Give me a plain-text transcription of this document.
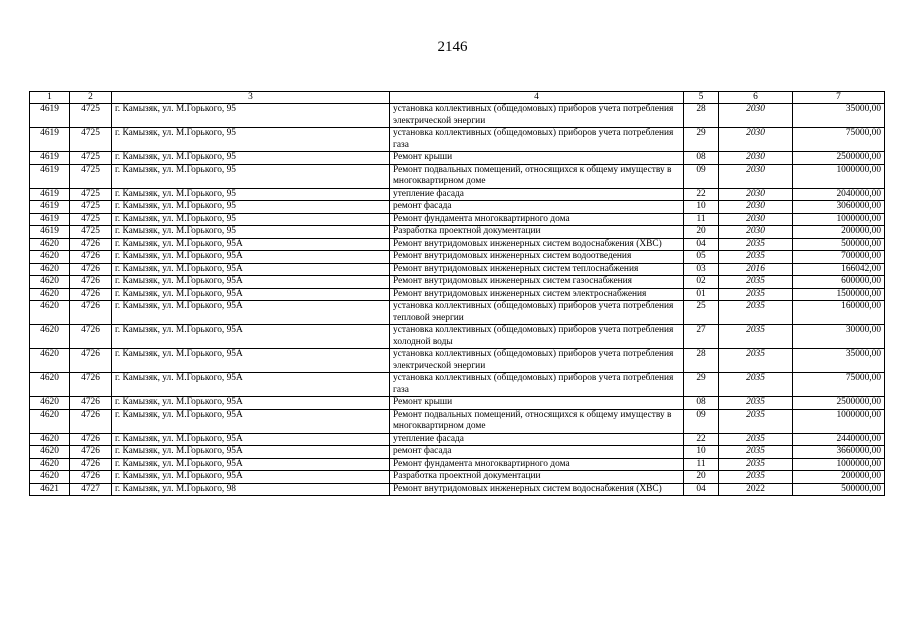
2146
1	2	3	4	5	6	7
4619	4725	г. Камызяк, ул. М.Горького, 95	установка коллективных (общедомовых) приборов учета потребления электрической энергии	28	2030	35000,00
4619	4725	г. Камызяк, ул. М.Горького, 95	установка коллективных (общедомовых) приборов учета потребления газа	29	2030	75000,00
4619	4725	г. Камызяк, ул. М.Горького, 95	Ремонт крыши	08	2030	2500000,00
4619	4725	г. Камызяк, ул. М.Горького, 95	Ремонт подвальных помещений, относящихся к общему имуществу в многоквартирном доме	09	2030	1000000,00
4619	4725	г. Камызяк, ул. М.Горького, 95	утепление фасада	22	2030	2040000,00
4619	4725	г. Камызяк, ул. М.Горького, 95	ремонт фасада	10	2030	3060000,00
4619	4725	г. Камызяк, ул. М.Горького, 95	Ремонт фундамента многоквартирного дома	11	2030	1000000,00
4619	4725	г. Камызяк, ул. М.Горького, 95	Разработка проектной документации	20	2030	200000,00
4620	4726	г. Камызяк, ул. М.Горького, 95А	Ремонт внутридомовых инженерных систем водоснабжения (ХВС)	04	2035	500000,00
4620	4726	г. Камызяк, ул. М.Горького, 95А	Ремонт внутридомовых инженерных систем водоотведения	05	2035	700000,00
4620	4726	г. Камызяк, ул. М.Горького, 95А	Ремонт внутридомовых инженерных систем теплоснабжения	03	2016	166042,00
4620	4726	г. Камызяк, ул. М.Горького, 95А	Ремонт внутридомовых инженерных систем газоснабжения	02	2035	600000,00
4620	4726	г. Камызяк, ул. М.Горького, 95А	Ремонт внутридомовых инженерных систем электроснабжения	01	2035	1500000,00
4620	4726	г. Камызяк, ул. М.Горького, 95А	установка коллективных (общедомовых) приборов учета потребления тепловой энергии	25	2035	160000,00
4620	4726	г. Камызяк, ул. М.Горького, 95А	установка коллективных (общедомовых) приборов учета потребления холодной воды	27	2035	30000,00
4620	4726	г. Камызяк, ул. М.Горького, 95А	установка коллективных (общедомовых) приборов учета потребления электрической энергии	28	2035	35000,00
4620	4726	г. Камызяк, ул. М.Горького, 95А	установка коллективных (общедомовых) приборов учета потребления газа	29	2035	75000,00
4620	4726	г. Камызяк, ул. М.Горького, 95А	Ремонт крыши	08	2035	2500000,00
4620	4726	г. Камызяк, ул. М.Горького, 95А	Ремонт подвальных помещений, относящихся к общему имуществу в многоквартирном доме	09	2035	1000000,00
4620	4726	г. Камызяк, ул. М.Горького, 95А	утепление фасада	22	2035	2440000,00
4620	4726	г. Камызяк, ул. М.Горького, 95А	ремонт фасада	10	2035	3660000,00
4620	4726	г. Камызяк, ул. М.Горького, 95А	Ремонт фундамента многоквартирного дома	11	2035	1000000,00
4620	4726	г. Камызяк, ул. М.Горького, 95А	Разработка проектной документации	20	2035	200000,00
4621	4727	г. Камызяк, ул. М.Горького, 98	Ремонт внутридомовых инженерных систем водоснабжения (ХВС)	04	2022	500000,00
